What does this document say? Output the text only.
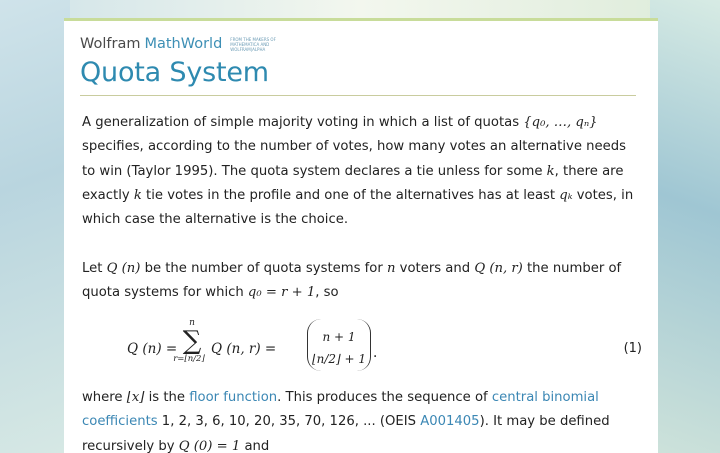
Wolfram MathWorld FROM THE MAKERS OF MATHEMATICA AND WOLFRAM|ALPHA
Quota System

A generalization of simple majority voting in which a list of quotas {q₀, …, qₙ} specifies, according to the number of votes, how many votes an alternative needs to win (Taylor 1995). The quota system declares a tie unless for some k, there are exactly k tie votes in the profile and one of the alternatives has at least qₖ votes, in which case the alternative is the choice.

Let Q (n) be the number of quota systems for n voters and Q (n, r) the number of quota systems for which q₀ = r + 1, so

Q (n) =
n
∑
r=⌊n/2⌋
Q (n, r) =
n + 1
⌊n/2⌋ + 1 .	(1)

where ⌊x⌋ is the floor function. This produces the sequence of central binomial coefficients 1, 2, 3, 6, 10, 20, 35, 70, 126, ... (OEIS A001405). It may be defined recursively by Q (0) = 1 and
